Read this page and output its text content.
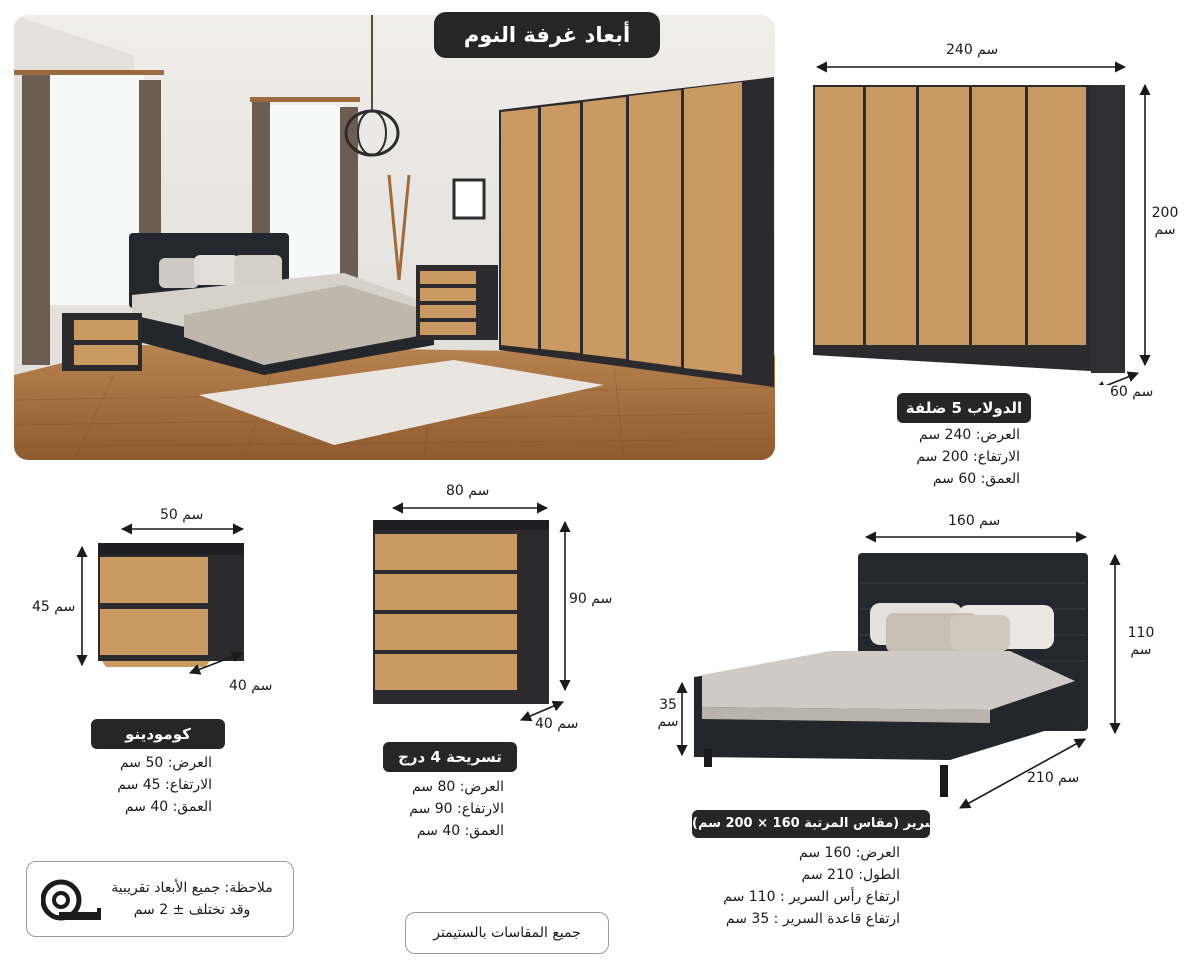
أبعاد غرفة النوم
240 سم
200
سم
60 سم
الدولاب 5 ضلفة
العرض: 240 سم
الارتفاع: 200 سم
العمق: 60 سم
50 سم
45 سم
40 سم
كومودينو
العرض: 50 سم
الارتفاع: 45 سم
العمق: 40 سم
80 سم
90 سم
40 سم
تسريحة 4 درج
العرض: 80 سم
الارتفاع: 90 سم
العمق: 40 سم
160 سم
110
سم
35
سم
210 سم
سرير (مقاس المرتبة 160 × 200 سم)
العرض: 160 سم
الطول: 210 سم
ارتفاع رأس السرير : 110 سم
ارتفاع قاعدة السرير : 35 سم
ملاحظة: جميع الأبعاد تقريبية
وقد تختلف ± 2 سم
جميع المقاسات بالستيمتر
